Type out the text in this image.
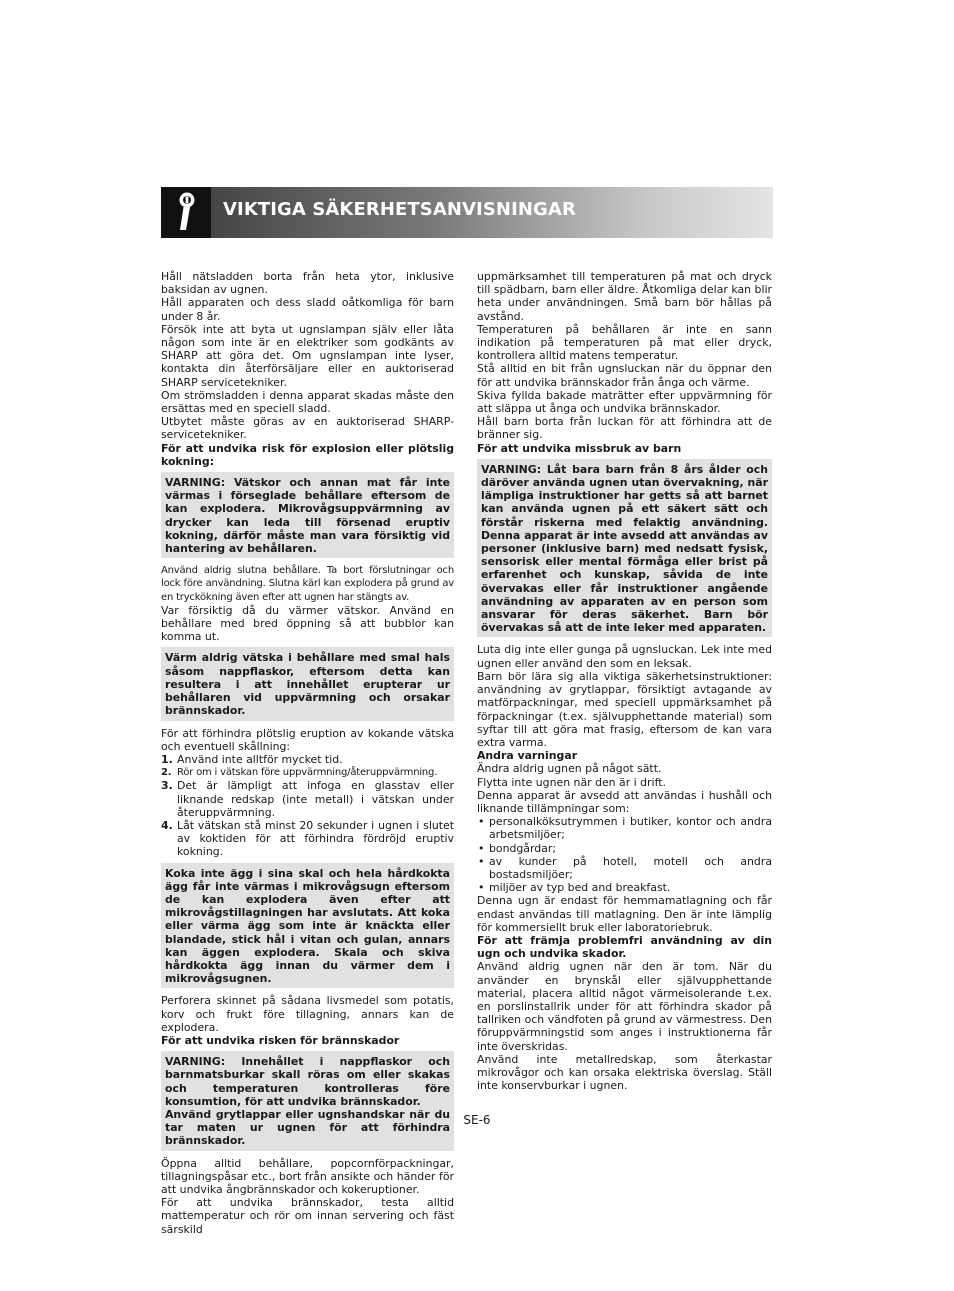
VIKTIGA SÄKERHETSANVISNINGAR

Håll nätsladden borta från heta ytor, inklusive baksidan av ugnen.

Håll apparaten och dess sladd oåtkomliga för barn under 8 år.

Försök inte att byta ut ugnslampan själv eller låta någon som inte är en elektriker som godkänts av SHARP att göra det. Om ugnslampan inte lyser, kontakta din återförsäljare eller en auktoriserad SHARP servicetekniker.

Om strömsladden i denna apparat skadas måste den ersättas med en speciell sladd.

Utbytet måste göras av en auktoriserad SHARP-servicetekniker.

För att undvika risk för explosion eller plötslig kokning:

VARNING: Vätskor och annan mat får inte värmas i förseglade behållare eftersom de kan explodera. Mikrovågsuppvärmning av drycker kan leda till försenad eruptiv kokning, därför måste man vara försiktig vid hantering av behållaren.

Använd aldrig slutna behållare. Ta bort förslutningar och lock före användning. Slutna kärl kan explodera på grund av en tryckökning även efter att ugnen har stängts av.

Var försiktig då du värmer vätskor. Använd en behållare med bred öppning så att bubblor kan komma ut.

Värm aldrig vätska i behållare med smal hals såsom nappflaskor, eftersom detta kan resultera i att innehållet erupterar ur behållaren vid uppvärmning och orsakar brännskador.

För att förhindra plötslig eruption av kokande vätska och eventuell skållning:

1. Använd inte alltför mycket tid.
2. Rör om i vätskan före uppvärmning/återuppvärmning.
3. Det är lämpligt att infoga en glasstav eller liknande redskap (inte metall) i vätskan under återuppvärmning.
4. Låt vätskan stå minst 20 sekunder i ugnen i slutet av koktiden för att förhindra fördröjd eruptiv kokning.

Koka inte ägg i sina skal och hela hårdkokta ägg får inte värmas i mikrovågsugn eftersom de kan explodera även efter att mikrovågstillagningen har avslutats. Att koka eller värma ägg som inte är knäckta eller blandade, stick hål i vitan och gulan, annars kan äggen explodera. Skala och skiva hårdkokta ägg innan du värmer dem i mikrovågsugnen.

Perforera skinnet på sådana livsmedel som potatis, korv och frukt före tillagning, annars kan de explodera.

För att undvika risken för brännskador

VARNING: Innehållet i nappflaskor och barnmatsburkar skall röras om eller skakas och temperaturen kontrolleras före konsumtion, för att undvika brännskador.

Använd grytlappar eller ugnshandskar när du tar maten ur ugnen för att förhindra brännskador.

Öppna alltid behållare, popcornförpackningar, tillagningspåsar etc., bort från ansikte och händer för att undvika ångbrännskador och kokeruptioner.

För att undvika brännskador, testa alltid mattemperatur och rör om innan servering och fäst särskild

uppmärksamhet till temperaturen på mat och dryck till spädbarn, barn eller äldre. Åtkomliga delar kan blir heta under användningen. Små barn bör hållas på avstånd.

Temperaturen på behållaren är inte en sann indikation på temperaturen på mat eller dryck, kontrollera alltid matens temperatur.

Stå alltid en bit från ugnsluckan när du öppnar den för att undvika brännskador från ånga och värme.

Skiva fyllda bakade maträtter efter uppvärmning för att släppa ut ånga och undvika brännskador.

Håll barn borta från luckan för att förhindra att de bränner sig.

För att undvika missbruk av barn

VARNING: Låt bara barn från 8 års ålder och däröver använda ugnen utan övervakning, när lämpliga instruktioner har getts så att barnet kan använda ugnen på ett säkert sätt och förstår riskerna med felaktig användning. Denna apparat är inte avsedd att användas av personer (inklusive barn) med nedsatt fysisk, sensorisk eller mental förmåga eller brist på erfarenhet och kunskap, såvida de inte övervakas eller får instruktioner angående användning av apparaten av en person som ansvarar för deras säkerhet. Barn bör övervakas så att de inte leker med apparaten.

Luta dig inte eller gunga på ugnsluckan. Lek inte med ugnen eller använd den som en leksak.

Barn bör lära sig alla viktiga säkerhetsinstruktioner: användning av grytlappar, försiktigt avtagande av matförpackningar, med speciell uppmärksamhet på förpackningar (t.ex. självupphettande material) som syftar till att göra mat frasig, eftersom de kan vara extra varma.

Andra varningar

Ändra aldrig ugnen på något sätt.

Flytta inte ugnen när den är i drift.

Denna apparat är avsedd att användas i hushåll och liknande tillämpningar som:

• personalköksutrymmen i butiker, kontor och andra arbetsmiljöer;
• bondgårdar;
• av kunder på hotell, motell och andra bostadsmiljöer;
• miljöer av typ bed and breakfast.

Denna ugn är endast för hemmamatlagning och får endast användas till matlagning. Den är inte lämplig för kommersiellt bruk eller laboratoriebruk.

För att främja problemfri användning av din ugn och undvika skador.

Använd aldrig ugnen när den är tom. När du använder en brynskål eller självupphettande material, placera alltid något värmeisolerande t.ex. en porslinstallrik under för att förhindra skador på tallriken och vändfoten på grund av värmestress. Den föruppvärmningstid som anges i instruktionerna får inte överskridas.

Använd inte metallredskap, som återkastar mikrovågor och kan orsaka elektriska överslag. Ställ inte konservburkar i ugnen.

SE-6
